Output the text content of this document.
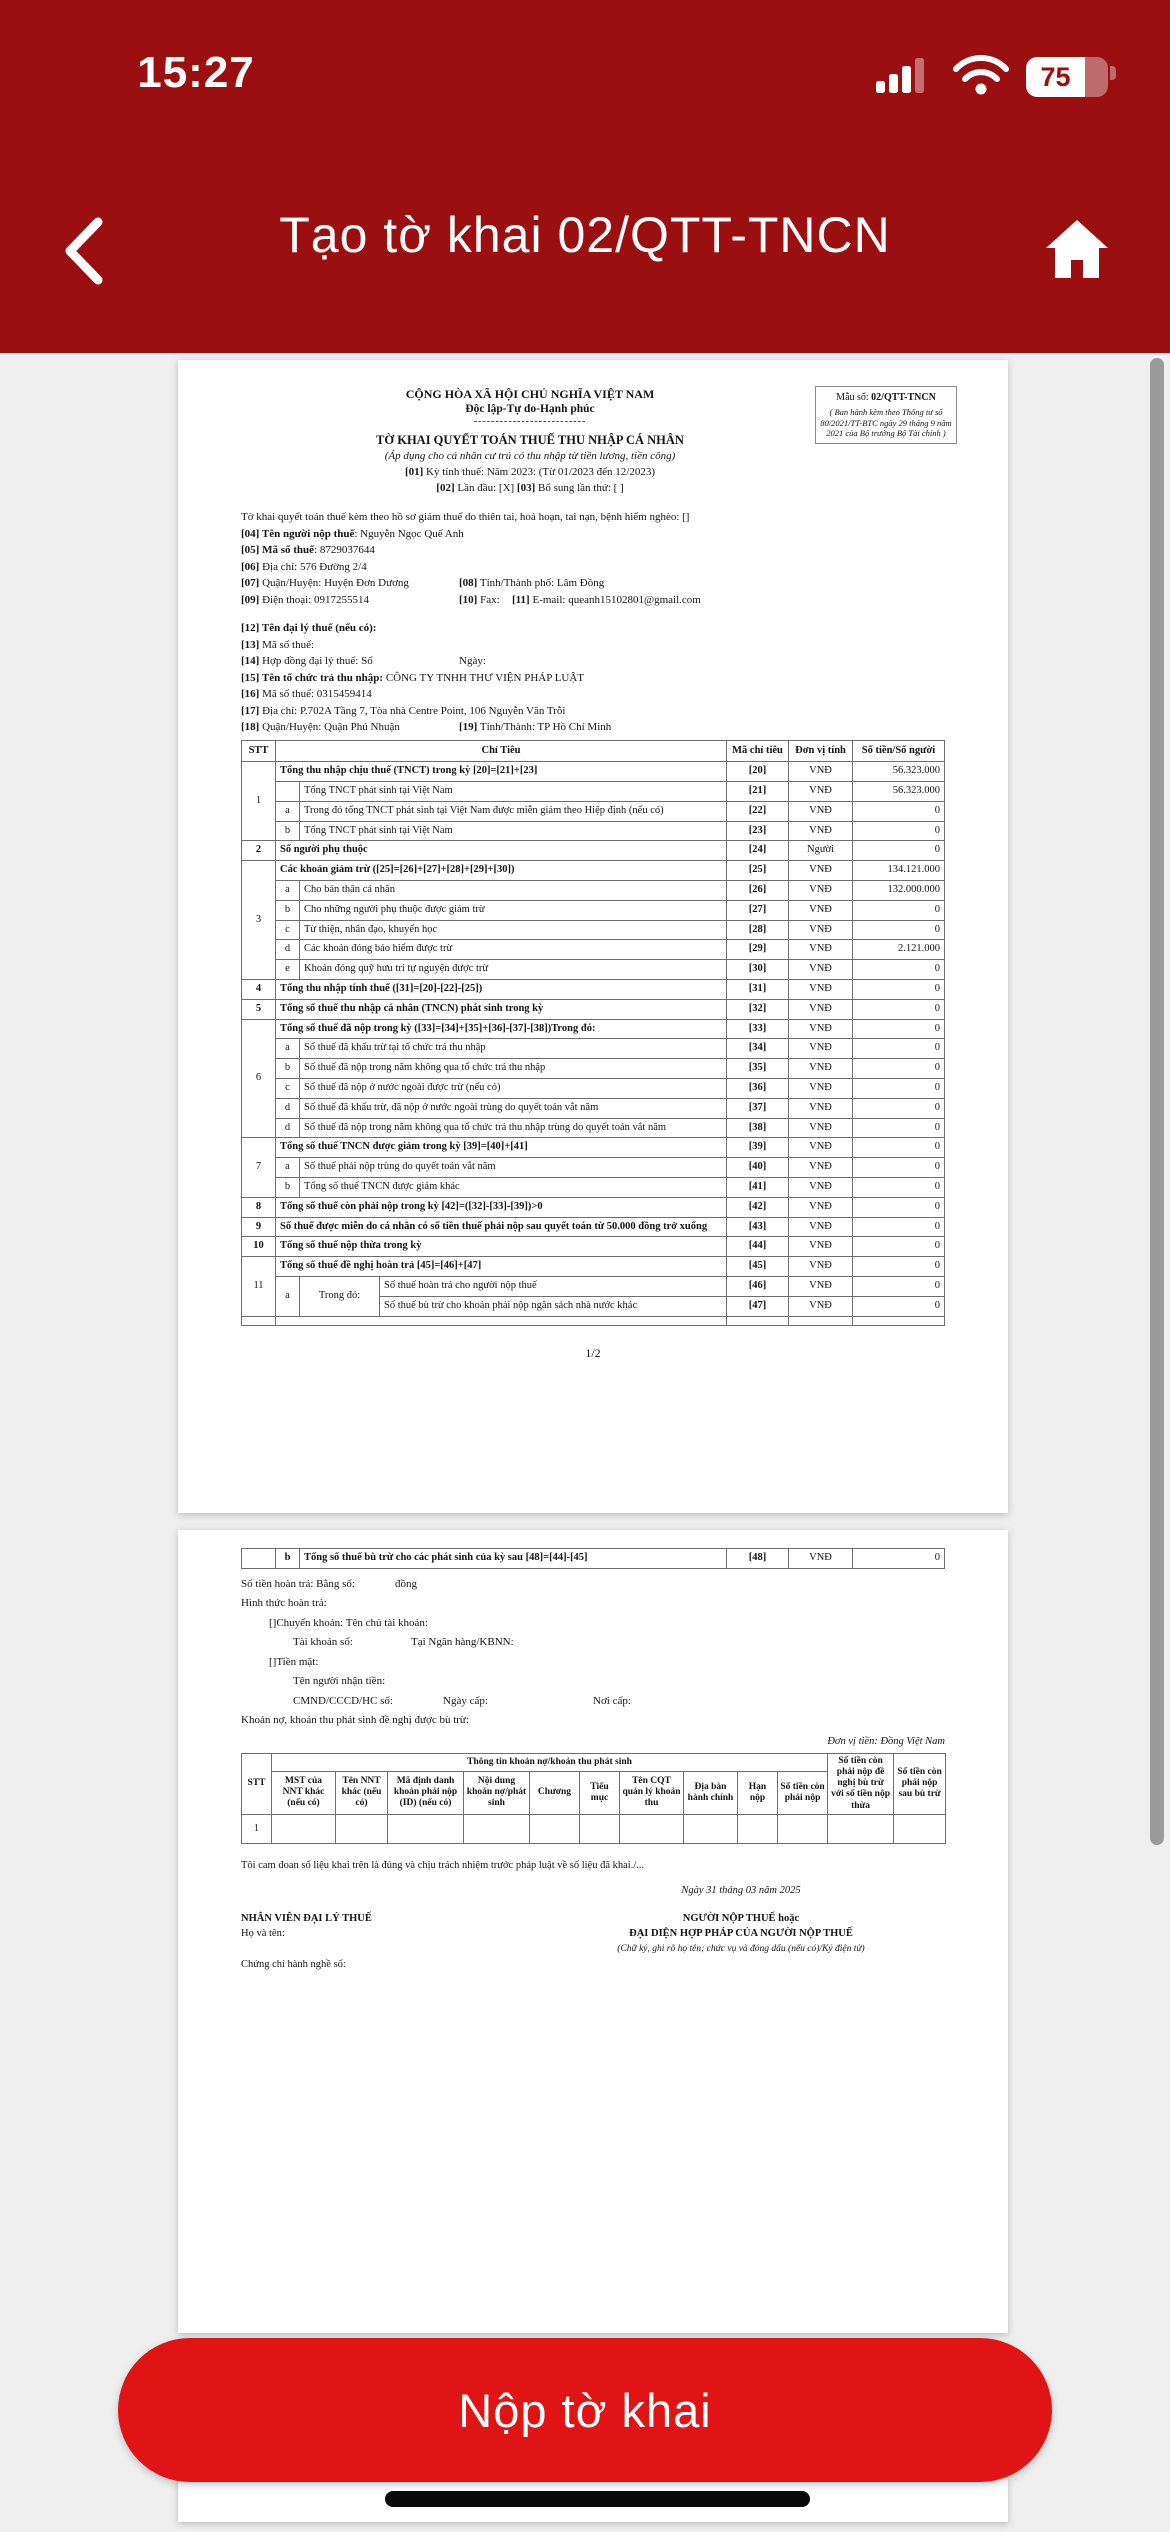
15:27	75
Tạo tờ khai 02/QTT-TNCN
Mẫu số: 02/QTT-TNCN
( Ban hành kèm theo Thông tư số 80/2021/TT-BTC ngày 29 tháng 9 năm 2021 của Bộ trưởng Bộ Tài chính )
CỘNG HÒA XÃ HỘI CHỦ NGHĨA VIỆT NAM
Độc lập-Tự do-Hạnh phúc
--------------------------
TỜ KHAI QUYẾT TOÁN THUẾ THU NHẬP CÁ NHÂN
(Áp dụng cho cá nhân cư trú có thu nhập từ tiền lương, tiền công)
[01] Kỳ tính thuế: Năm 2023: (Từ 01/2023 đến 12/2023)
[02] Lần đầu: [X] [03] Bổ sung lần thứ: [ ]
Tờ khai quyết toán thuế kèm theo hồ sơ giảm thuế do thiên tai, hoả hoạn, tai nạn, bệnh hiểm nghèo: []
[04] Tên người nộp thuế: Nguyễn Ngọc Quế Anh
[05] Mã số thuế: 8729037644
[06] Địa chỉ: 576 Đường 2/4
[07] Quận/Huyện: Huyện Đơn Dương	[08] Tỉnh/Thành phố: Lâm Đồng
[09] Điện thoại: 0917255514	[10] Fax: [11] E-mail: queanh15102801@gmail.com
[12] Tên đại lý thuế (nếu có):
[13] Mã số thuế:
[14] Hợp đồng đại lý thuế: Số	Ngày:
[15] Tên tổ chức trả thu nhập: CÔNG TY TNHH THƯ VIỆN PHÁP LUẬT
[16] Mã số thuế: 0315459414
[17] Địa chỉ: P.702A Tầng 7, Tòa nhà Centre Point, 106 Nguyễn Văn Trỗi
[18] Quận/Huyện: Quận Phú Nhuận	[19] Tỉnh/Thành: TP Hồ Chí Minh
STT	Chỉ Tiêu			Mã chỉ tiêu	Đơn vị tính	Số tiền/Số người
1	Tổng thu nhập chịu thuế (TNCT) trong kỳ [20]=[21]+[23]			[20]	VNĐ	56.323.000
		Tổng TNCT phát sinh tại Việt Nam		[21]	VNĐ	56.323.000
	a	Trong đó tổng TNCT phát sinh tại Việt Nam được miễn giảm theo Hiệp định (nếu có)		[22]	VNĐ	0
	b	Tổng TNCT phát sinh tại Việt Nam		[23]	VNĐ	0
2	Số người phụ thuộc			[24]	Người	0
3	Các khoản giảm trừ ([25]=[26]+[27]+[28]+[29]+[30])			[25]	VNĐ	134.121.000
	a	Cho bản thân cá nhân		[26]	VNĐ	132.000.000
	b	Cho những người phụ thuộc được giảm trừ		[27]	VNĐ	0
	c	Từ thiện, nhân đạo, khuyến học		[28]	VNĐ	0
	d	Các khoản đóng bảo hiểm được trừ		[29]	VNĐ	2.121.000
	e	Khoản đóng quỹ hưu trí tự nguyện được trừ		[30]	VNĐ	0
4	Tổng thu nhập tính thuế ([31]=[20]-[22]-[25])			[31]	VNĐ	0
5	Tổng số thuế thu nhập cá nhân (TNCN) phát sinh trong kỳ			[32]	VNĐ	0
6	Tổng số thuế đã nộp trong kỳ ([33]=[34]+[35]+[36]-[37]-[38])Trong đó:			[33]	VNĐ	0
	a	Số thuế đã khấu trừ tại tổ chức trả thu nhập		[34]	VNĐ	0
	b	Số thuế đã nộp trong năm không qua tổ chức trả thu nhập		[35]	VNĐ	0
	c	Số thuế đã nộp ở nước ngoài được trừ (nếu có)		[36]	VNĐ	0
	d	Số thuế đã khấu trừ, đã nộp ở nước ngoài trùng do quyết toán vắt năm		[37]	VNĐ	0
	d	Số thuế đã nộp trong năm không qua tổ chức trả thu nhập trùng do quyết toán vắt năm		[38]	VNĐ	0
7	Tổng số thuế TNCN được giảm trong kỳ [39]=[40]+[41]			[39]	VNĐ	0
	a	Số thuế phải nộp trùng do quyết toán vắt năm		[40]	VNĐ	0
	b	Tổng số thuế TNCN được giảm khác		[41]	VNĐ	0
8	Tổng số thuế còn phải nộp trong kỳ [42]=([32]-[33]-[39])>0			[42]	VNĐ	0
9	Số thuế được miễn do cá nhân có số tiền thuế phải nộp sau quyết toán từ 50.000 đồng trở xuống			[43]	VNĐ	0
10	Tổng số thuế nộp thừa trong kỳ			[44]	VNĐ	0
11	Tổng số thuế đề nghị hoàn trả [45]=[46]+[47]			[45]	VNĐ	0
	a	Trong đó:	Số thuế hoàn trả cho người nộp thuế	[46]	VNĐ	0
			Số thuế bù trừ cho khoản phải nộp ngân sách nhà nước khác	[47]	VNĐ	0

1/2
	b	Tổng số thuế bù trừ cho các phát sinh của kỳ sau [48]=[44]-[45]	[48]	VNĐ	0
Số tiền hoàn trả: Bằng số:	đồng
Hình thức hoàn trả:
[]Chuyển khoản: Tên chủ tài khoản:
Tài khoản số:	Tại Ngân hàng/KBNN:
[]Tiền mặt:
Tên người nhận tiền:
CMND/CCCD/HC số:	Ngày cấp:	Nơi cấp:
Khoản nợ, khoản thu phát sinh đề nghị được bù trừ:
Đơn vị tiền: Đồng Việt Nam
STT	Thông tin khoản nợ/khoản thu phát sinh										Số tiền còn phải nộp đề nghị bù trừ với số tiền nộp thừa	Số tiền còn phải nộp sau bù trừ
	MST của NNT khác (nếu có)	Tên NNT khác (nếu có)	Mã định danh khoản phải nộp (ID) (nếu có)	Nội dung khoản nợ/phát sinh	Chương	Tiểu mục	Tên CQT quản lý khoản thu	Địa bàn hành chính	Hạn nộp	Số tiền còn phải nộp		
1												
Tôi cam đoan số liệu khai trên là đúng và chịu trách nhiệm trước pháp luật về số liệu đã khai./...
Ngày 31 tháng 03 năm 2025
NHÂN VIÊN ĐẠI LÝ THUẾ
Họ và tên:
Chứng chỉ hành nghề số:
NGƯỜI NỘP THUẾ hoặc
ĐẠI DIỆN HỢP PHÁP CỦA NGƯỜI NỘP THUẾ
(Chữ ký, ghi rõ họ tên; chức vụ và đóng dấu (nếu có)/Ký điện tử)
Nộp tờ khai
